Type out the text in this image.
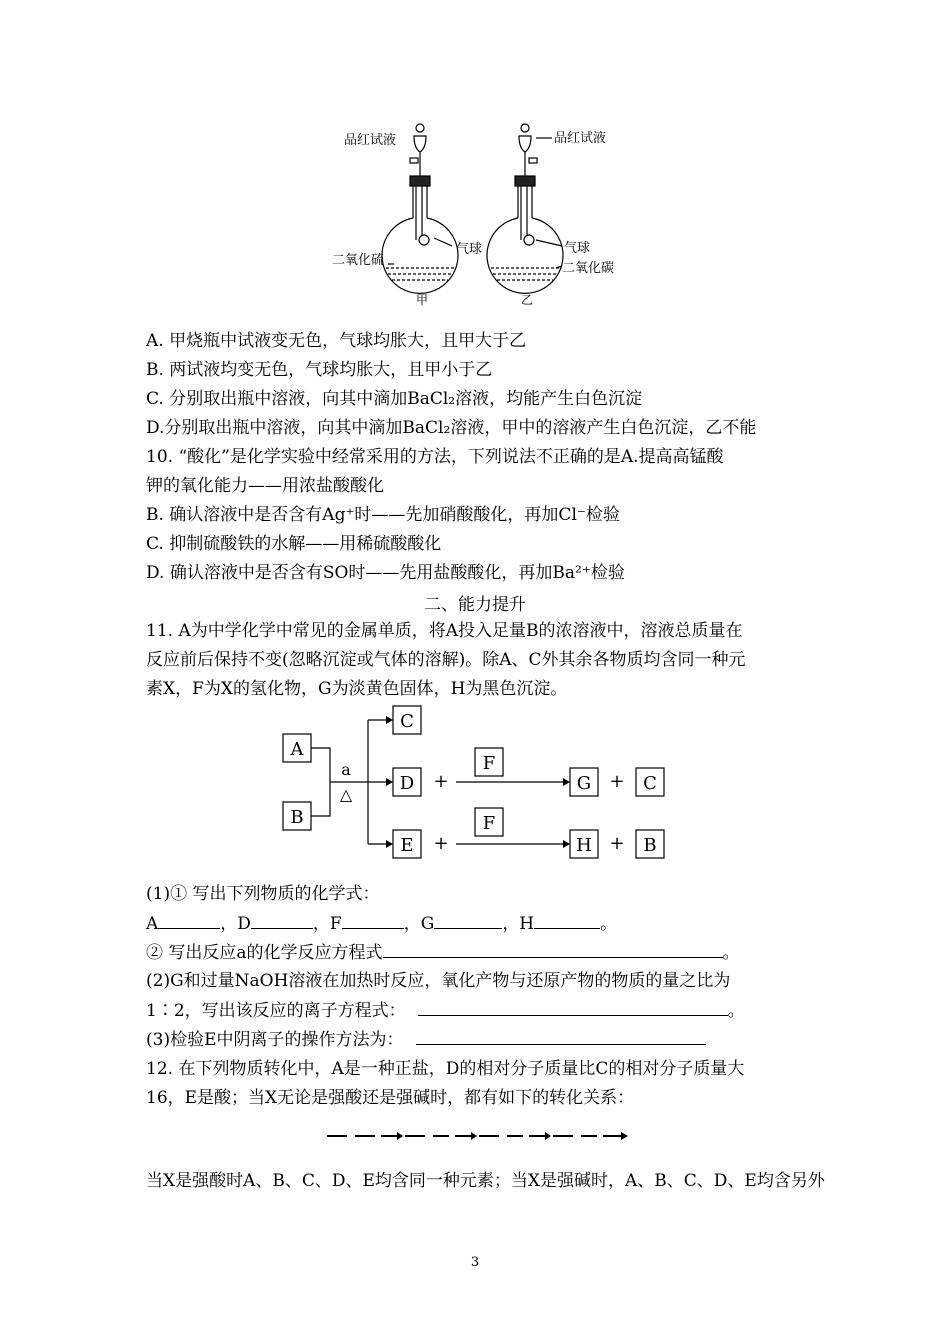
品红试液
气球
二氧化硫
甲
品红试液
气球
二氧化碳
乙
A. 甲烧瓶中试液变无色，气球均胀大，且甲大于乙
B. 两试液均变无色，气球均胀大，且甲小于乙
C. 分别取出瓶中溶液，向其中滴加BaCl₂溶液，均能产生白色沉淀
D.分别取出瓶中溶液，向其中滴加BaCl₂溶液，甲中的溶液产生白色沉淀，乙不能
10. “酸化”是化学实验中经常采用的方法，下列说法不正确的是A.提高高锰酸
钾的氧化能力——用浓盐酸酸化
B. 确认溶液中是否含有Ag⁺时——先加硝酸酸化，再加Cl⁻检验
C. 抑制硫酸铁的水解——用稀硫酸酸化
D. 确认溶液中是否含有SO时——先用盐酸酸化，再加Ba²⁺检验
二、能力提升
11. A为中学化学中常见的金属单质，将A投入足量B的浓溶液中，溶液总质量在
反应前后保持不变(忽略沉淀或气体的溶解)。除A、C外其余各物质均含同一种元
素X，F为X的氢化物，G为淡黄色固体，H为黑色沉淀。
A
B
C
D
E
F
F
G	C
H	B
a
△
+
+
+
+
(1)① 写出下列物质的化学式：
A	，D	，F	，G	，H	。
② 写出反应a的化学反应方程式	。
(2)G和过量NaOH溶液在加热时反应，氧化产物与还原产物的物质的量之比为
1∶2，写出该反应的离子方程式：	。
(3)检验E中阴离子的操作方法为：
12. 在下列物质转化中，A是一种正盐，D的相对分子质量比C的相对分子质量大
16，E是酸；当X无论是强酸还是强碱时，都有如下的转化关系：
当X是强酸时A、B、C、D、E均含同一种元素；当X是强碱时，A、B、C、D、E均含另外
3
